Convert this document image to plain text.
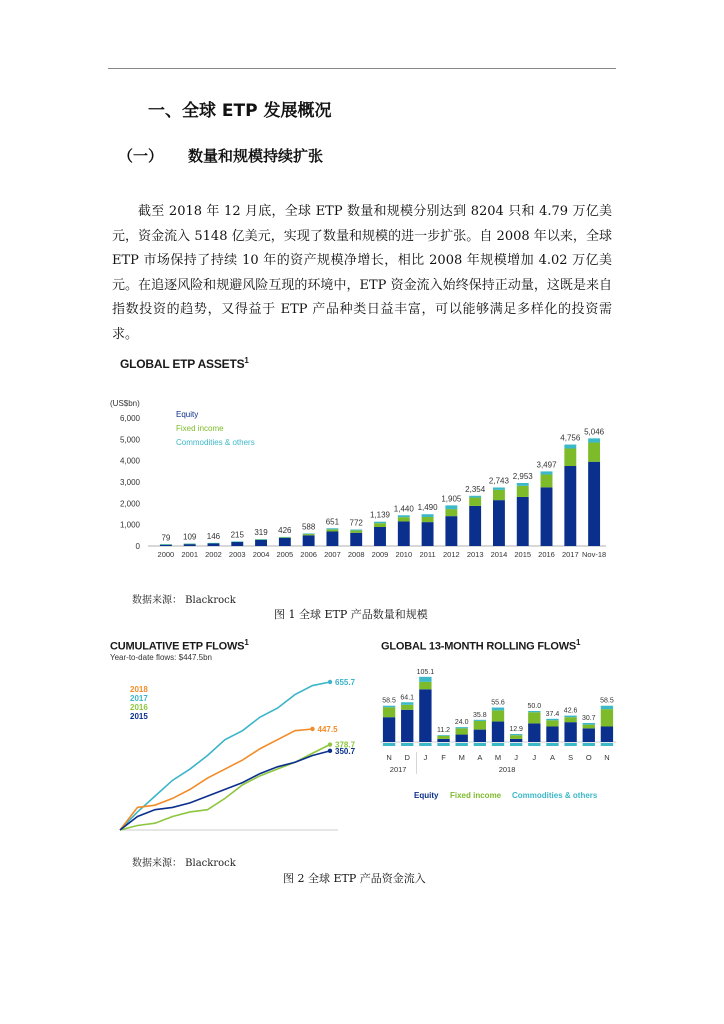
一、全球 ETP 发展概况
（一） 数量和规模持续扩张

截至 2018 年 12 月底，全球 ETP 数量和规模分别达到 8204 只和 4.79 万亿美元，资金流入 5148 亿美元，实现了数量和规模的进一步扩张。自 2008 年以来，全球 ETP 市场保持了持续 10 年的资产规模净增长，相比 2008 年规模增加 4.02 万亿美元。在追逐风险和规避风险互现的环境中，ETP 资金流入始终保持正动量，这既是来自指数投资的趋势，又得益于 ETP 产品种类日益丰富，可以能够满足多样化的投资需求。

GLOBAL ETP ASSETS$^1$
(US$bn)
0
1,000
2,000
3,000
4,000
5,000
6,000	Equity
Fixed income
Commodities & others
79
2000
109
2001
146
2002
215
2003
319
2004
426
2005
588
2006
651
2007
772
2008
1,139
2009
1,440
2010
1,490
2011
1,905
2012
2,354
2013
2,743
2014
2,953
2015
3,497
2016
4,756
2017
5,046
Nov-18
数据来源： Blackrock
图 1 全球 ETP 产品数量和规模
CUMULATIVE ETP FLOWS$^1$
Year-to-date flows: $447.5bn
2018
2017
2016
2015
655.7
447.5
378.7
350.7
GLOBAL 13-MONTH ROLLING FLOWS$^1$
58.5
N
64.1
D
105.1
J
11.2
F
24.0
M
35.8
A
55.6
M
12.9
J
50.0
J
37.4
A
42.6
S
30.7
O
58.5
N
2017	2018
Equity Fixed income Commodities & others
数据来源： Blackrock
图 2 全球 ETP 产品资金流入
